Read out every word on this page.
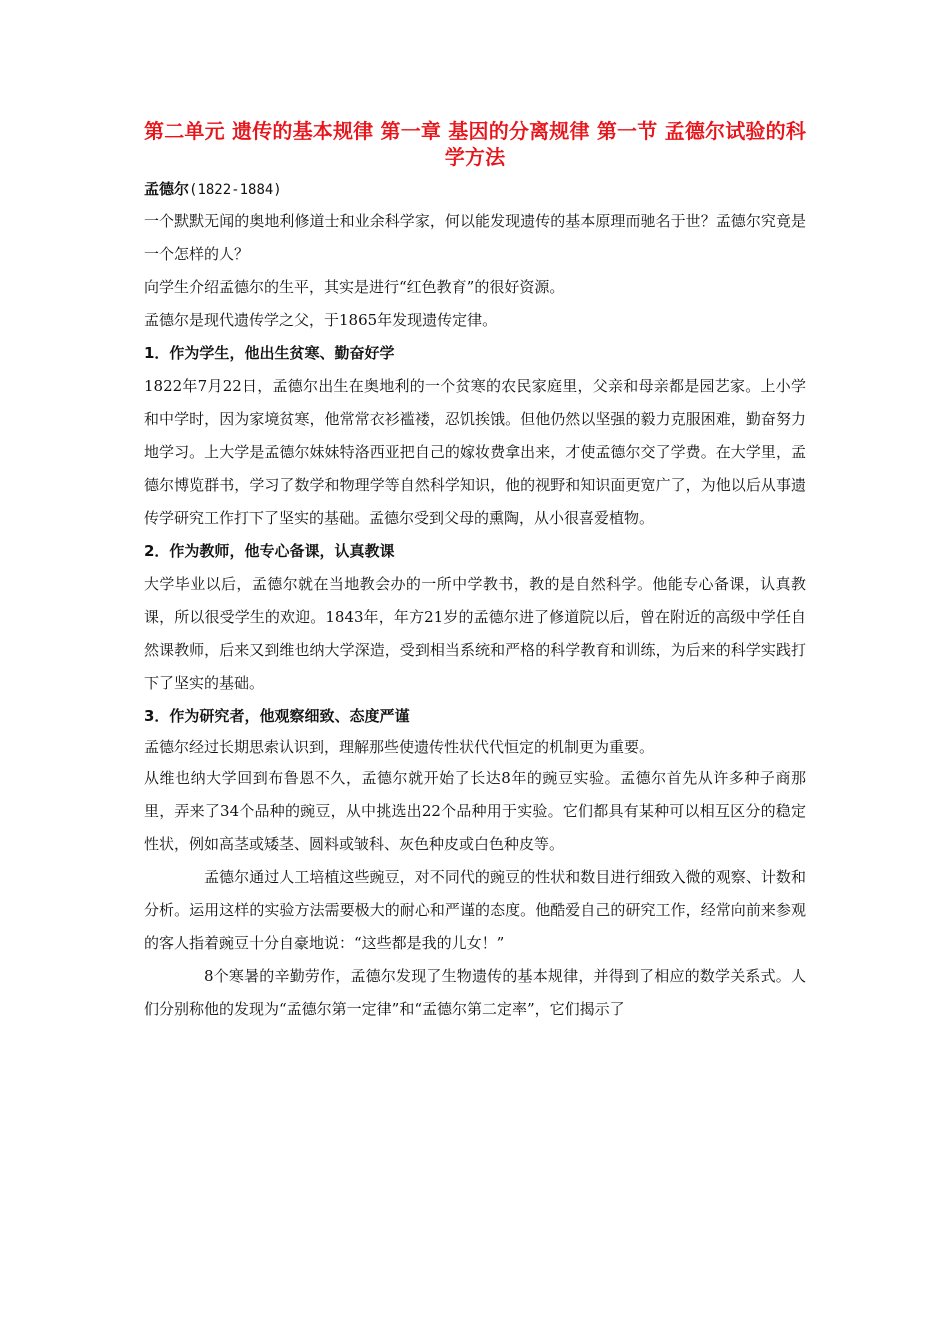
第二单元 遗传的基本规律 第一章 基因的分离规律 第一节 孟德尔试验的科学方法
孟德尔(1822-1884)

一个默默无闻的奥地利修道士和业余科学家，何以能发现遗传的基本原理而驰名于世？孟德尔究竟是一个怎样的人？

向学生介绍孟德尔的生平，其实是进行“红色教育”的很好资源。

孟德尔是现代遗传学之父，于1865年发现遗传定律。

1．作为学生，他出生贫寒、勤奋好学

1822年7月22日，孟德尔出生在奥地利的一个贫寒的农民家庭里，父亲和母亲都是园艺家。上小学和中学时，因为家境贫寒，他常常衣衫褴褛，忍饥挨饿。但他仍然以坚强的毅力克服困难，勤奋努力地学习。上大学是孟德尔妹妹特洛西亚把自己的嫁妆费拿出来，才使孟德尔交了学费。在大学里，孟德尔博览群书，学习了数学和物理学等自然科学知识，他的视野和知识面更宽广了，为他以后从事遗传学研究工作打下了坚实的基础。孟德尔受到父母的熏陶，从小很喜爱植物。

2．作为教师，他专心备课，认真教课

大学毕业以后，孟德尔就在当地教会办的一所中学教书，教的是自然科学。他能专心备课，认真教课，所以很受学生的欢迎。1843年，年方21岁的孟德尔进了修道院以后，曾在附近的高级中学任自然课教师，后来又到维也纳大学深造，受到相当系统和严格的科学教育和训练，为后来的科学实践打下了坚实的基础。

3．作为研究者，他观察细致、态度严谨

孟德尔经过长期思索认识到，理解那些使遗传性状代代恒定的机制更为重要。

从维也纳大学回到布鲁恩不久，孟德尔就开始了长达8年的豌豆实验。孟德尔首先从许多种子商那里，弄来了34个品种的豌豆，从中挑选出22个品种用于实验。它们都具有某种可以相互区分的稳定性状，例如高茎或矮茎、圆料或皱科、灰色种皮或白色种皮等。

孟德尔通过人工培植这些豌豆，对不同代的豌豆的性状和数目进行细致入微的观察、计数和分析。运用这样的实验方法需要极大的耐心和严谨的态度。他酷爱自己的研究工作，经常向前来参观的客人指着豌豆十分自豪地说：“这些都是我的儿女！”

8个寒暑的辛勤劳作，孟德尔发现了生物遗传的基本规律，并得到了相应的数学关系式。人们分别称他的发现为“孟德尔第一定律”和“孟德尔第二定率”，它们揭示了
